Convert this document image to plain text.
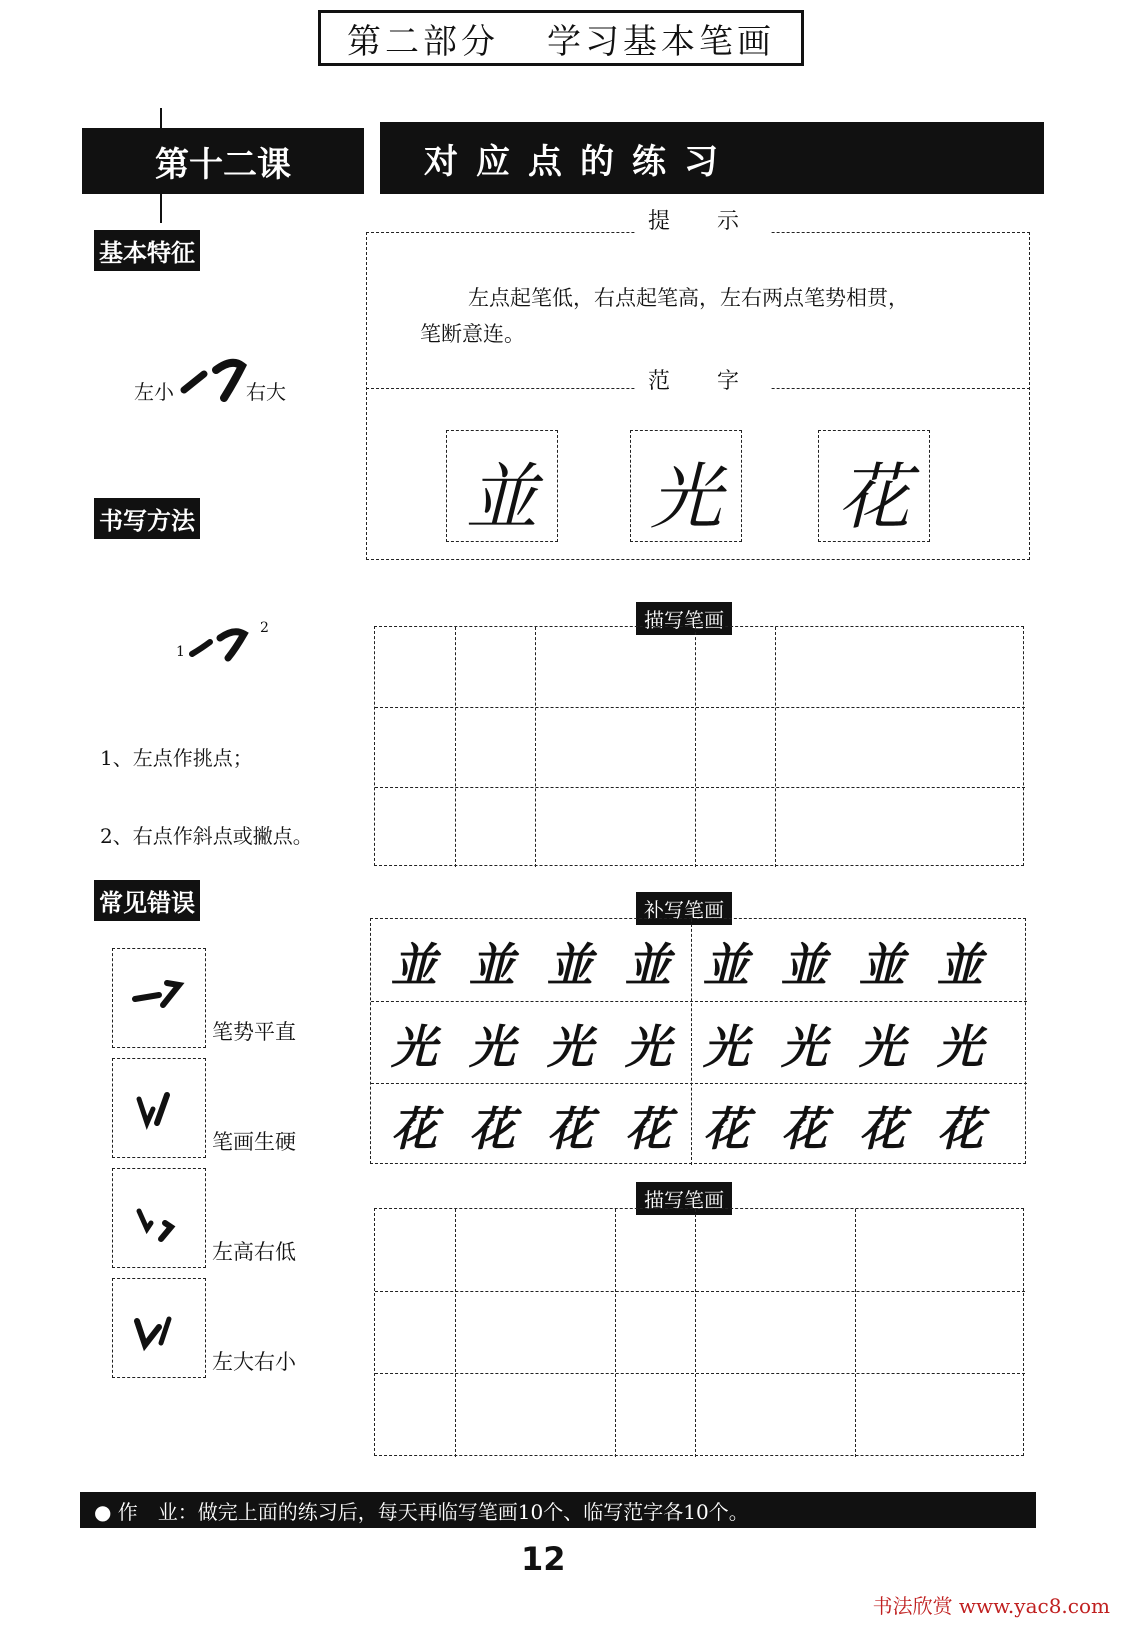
第二部分 学习基本笔画
第十二课	对应点的练习
基本特征
左小	右大
书写方法
1
2
1、左点作挑点；
2、右点作斜点或撇点。
常见错误
笔势平直
笔画生硬
左高右低
左大右小
提 示
左点起笔低，右点起笔高，左右两点笔势相贯，
笔断意连。
范 字
並 光 花
描写笔画
补写笔画
並 並 並 並 並 並 並 並
光 光 光 光 光 光 光 光
花 花 花 花 花 花 花 花
描写笔画
● 作　业：做完上面的练习后，每天再临写笔画10个、临写范字各10个。
12
书法欣赏 www.yac8.com
